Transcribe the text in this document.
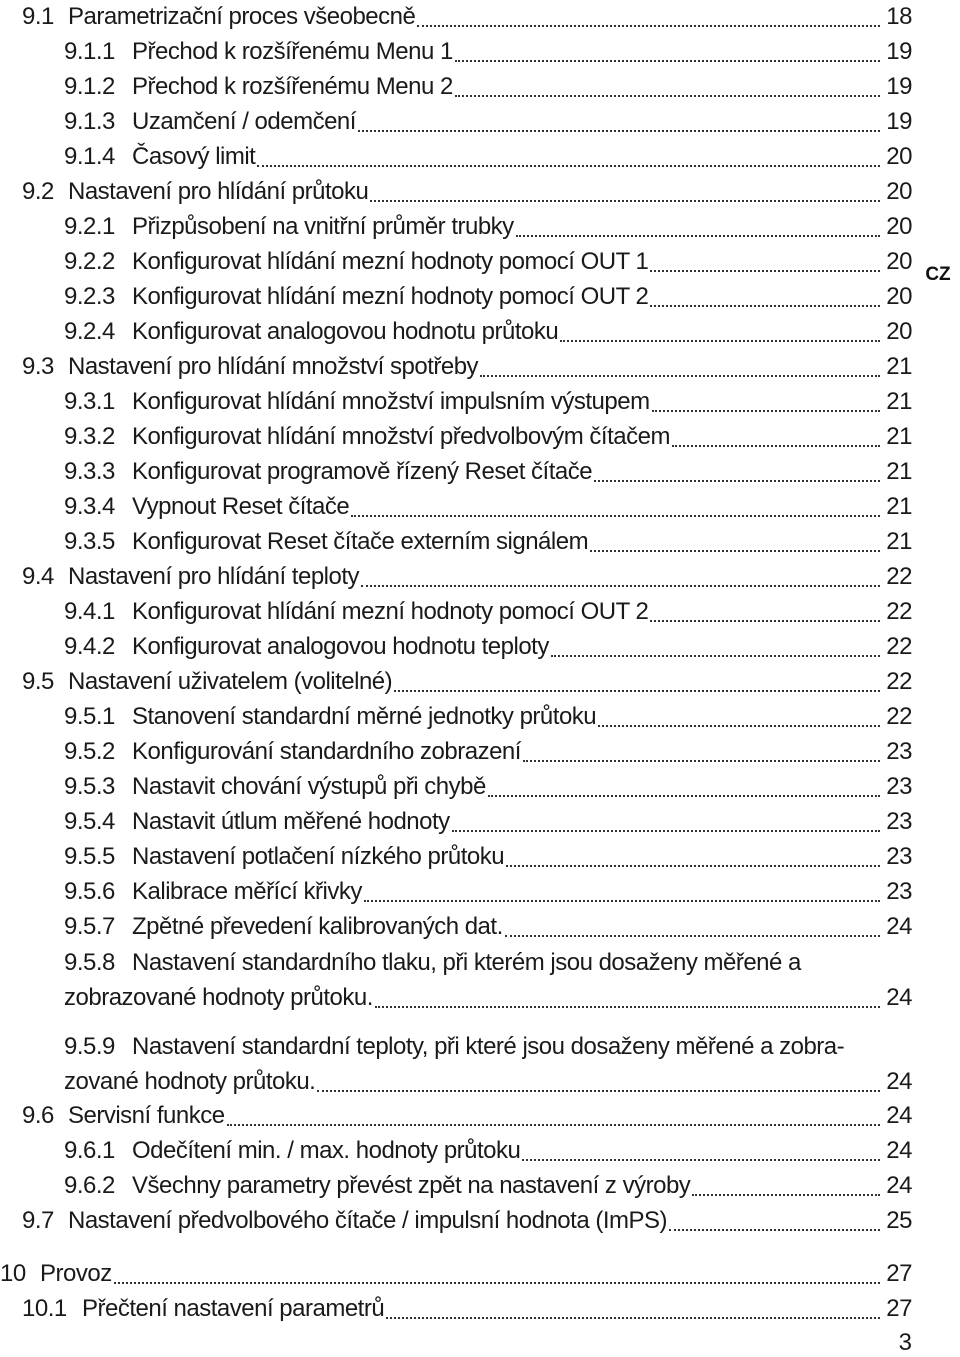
9.1 Parametrizační proces všeobecně	18
9.1.1 Přechod k rozšířenému Menu 1	19
9.1.2 Přechod k rozšířenému Menu 2	19
9.1.3 Uzamčení / odemčení	19
9.1.4 Časový limit	20
9.2 Nastavení pro hlídání průtoku	20
9.2.1 Přizpůsobení na vnitřní průměr trubky	20
9.2.2 Konfigurovat hlídání mezní hodnoty pomocí OUT 1	20
9.2.3 Konfigurovat hlídání mezní hodnoty pomocí OUT 2	20
9.2.4 Konfigurovat analogovou hodnotu průtoku	20
9.3 Nastavení pro hlídání množství spotřeby	21
9.3.1 Konfigurovat hlídání množství impulsním výstupem	21
9.3.2 Konfigurovat hlídání množství předvolbovým čítačem	21
9.3.3 Konfigurovat programově řízený Reset čítače	21
9.3.4 Vypnout Reset čítače	21
9.3.5 Konfigurovat Reset čítače externím signálem	21
9.4 Nastavení pro hlídání teploty	22
9.4.1 Konfigurovat hlídání mezní hodnoty pomocí OUT 2	22
9.4.2 Konfigurovat analogovou hodnotu teploty	22
9.5 Nastavení uživatelem (volitelné)	22
9.5.1 Stanovení standardní měrné jednotky průtoku	22
9.5.2 Konfigurování standardního zobrazení	23
9.5.3 Nastavit chování výstupů při chybě	23
9.5.4 Nastavit útlum měřené hodnoty	23
9.5.5 Nastavení potlačení nízkého průtoku	23
9.5.6 Kalibrace měřící křivky	23
9.5.7 Zpětné převedení kalibrovaných dat.	24
9.5.8 Nastavení standardního tlaku, při kterém jsou dosaženy měřené a
zobrazované hodnoty průtoku.	24
9.5.9 Nastavení standardní teploty, při které jsou dosaženy měřené a zobra-
zované hodnoty průtoku.	24
9.6 Servisní funkce	24
9.6.1 Odečítení min. / max. hodnoty průtoku	24
9.6.2 Všechny parametry převést zpět na nastavení z výroby	24
9.7 Nastavení předvolbového čítače / impulsní hodnota (ImPS)	25
10 Provoz	27
10.1 Přečtení nastavení parametrů	27
CZ
3
